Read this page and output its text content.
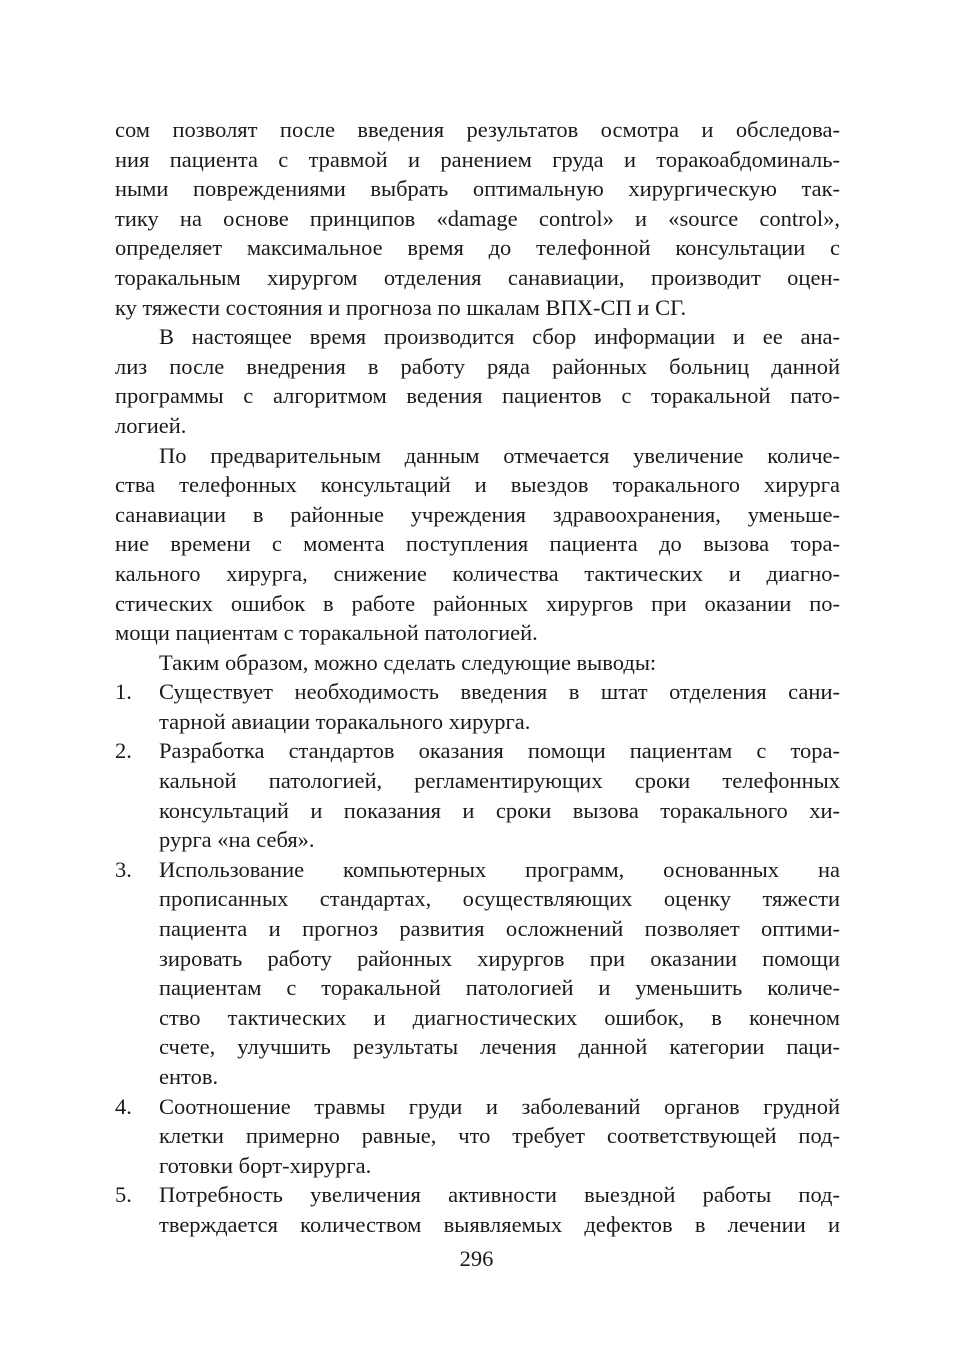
сом позволят после введения результатов осмотра и обследова-
ния пациента с травмой и ранением груда и торакоабдоминаль-
ными повреждениями выбрать оптимальную хирургическую так-
тику на основе принципов «damage control» и «source control»,
определяет максимальное время до телефонной консультации с
торакальным хирургом отделения санавиации, производит оцен-
ку тяжести состояния и прогноза по шкалам ВПХ-СП и СГ.
В настоящее время производится сбор информации и ее ана-
лиз после внедрения в работу ряда районных больниц данной
программы с алгоритмом ведения пациентов с торакальной пато-
логией.
По предварительным данным отмечается увеличение количе-
ства телефонных консультаций и выездов торакального хирурга
санавиации в районные учреждения здравоохранения, уменьше-
ние времени с момента поступления пациента до вызова тора-
кального хирурга, снижение количества тактических и диагно-
стических ошибок в работе районных хирургов при оказании по-
мощи пациентам с торакальной патологией.
Таким образом, можно сделать следующие выводы:
1.	Существует необходимость введения в штат отделения сани-
тарной авиации торакального хирурга.
2.	Разработка стандартов оказания помощи пациентам с тора-
кальной патологией, регламентирующих сроки телефонных
консультаций и показания и сроки вызова торакального хи-
рурга «на себя».
3.	Использование компьютерных программ, основанных на
прописанных стандартах, осуществляющих оценку тяжести
пациента и прогноз развития осложнений позволяет оптими-
зировать работу районных хирургов при оказании помощи
пациентам с торакальной патологией и уменьшить количе-
ство тактических и диагностических ошибок, в конечном
счете, улучшить результаты лечения данной категории паци-
ентов.
4.	Соотношение травмы груди и заболеваний органов грудной
клетки примерно равные, что требует соответствующей под-
готовки борт-хирурга.
5.	Потребность увеличения активности выездной работы под-
тверждается количеством выявляемых дефектов в лечении и
296
